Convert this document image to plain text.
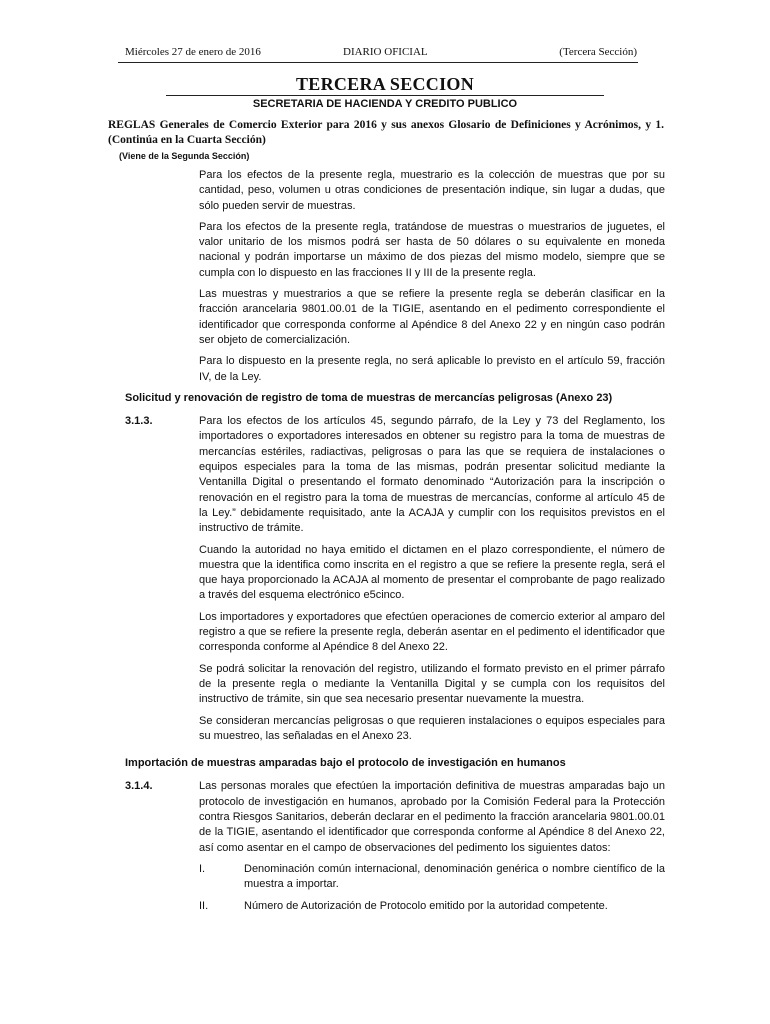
Miércoles 27 de enero de 2016	DIARIO OFICIAL	(Tercera Sección)
TERCERA SECCION
SECRETARIA DE HACIENDA Y CREDITO PUBLICO
REGLAS Generales de Comercio Exterior para 2016 y sus anexos Glosario de Definiciones y Acrónimos, y 1. (Continúa en la Cuarta Sección)
(Viene de la Segunda Sección)

Para los efectos de la presente regla, muestrario es la colección de muestras que por su cantidad, peso, volumen u otras condiciones de presentación indique, sin lugar a dudas, que sólo pueden servir de muestras.

Para los efectos de la presente regla, tratándose de muestras o muestrarios de juguetes, el valor unitario de los mismos podrá ser hasta de 50 dólares o su equivalente en moneda nacional y podrán importarse un máximo de dos piezas del mismo modelo, siempre que se cumpla con lo dispuesto en las fracciones II y III de la presente regla.

Las muestras y muestrarios a que se refiere la presente regla se deberán clasificar en la fracción arancelaria 9801.00.01 de la TIGIE, asentando en el pedimento correspondiente el identificador que corresponda conforme al Apéndice 8 del Anexo 22 y en ningún caso podrán ser objeto de comercialización.

Para lo dispuesto en la presente regla, no será aplicable lo previsto en el artículo 59, fracción IV, de la Ley.

Solicitud y renovación de registro de toma de muestras de mercancías peligrosas (Anexo 23)
3.1.3.	Para los efectos de los artículos 45, segundo párrafo, de la Ley y 73 del Reglamento, los importadores o exportadores interesados en obtener su registro para la toma de muestras de mercancías estériles, radiactivas, peligrosas o para las que se requiera de instalaciones o equipos especiales para la toma de las mismas, podrán presentar solicitud mediante la Ventanilla Digital o presentando el formato denominado “Autorización para la inscripción o renovación en el registro para la toma de muestras de mercancías, conforme al artículo 45 de la Ley.” debidamente requisitado, ante la ACAJA y cumplir con los requisitos previstos en el instructivo de trámite.

Cuando la autoridad no haya emitido el dictamen en el plazo correspondiente, el número de muestra que la identifica como inscrita en el registro a que se refiere la presente regla, será el que haya proporcionado la ACAJA al momento de presentar el comprobante de pago realizado a través del esquema electrónico e5cinco.

Los importadores y exportadores que efectúen operaciones de comercio exterior al amparo del registro a que se refiere la presente regla, deberán asentar en el pedimento el identificador que corresponda conforme al Apéndice 8 del Anexo 22.

Se podrá solicitar la renovación del registro, utilizando el formato previsto en el primer párrafo de la presente regla o mediante la Ventanilla Digital y se cumpla con los requisitos del instructivo de trámite, sin que sea necesario presentar nuevamente la muestra.

Se consideran mercancías peligrosas o que requieren instalaciones o equipos especiales para su muestreo, las señaladas en el Anexo 23.

Importación de muestras amparadas bajo el protocolo de investigación en humanos
3.1.4.	Las personas morales que efectúen la importación definitiva de muestras amparadas bajo un protocolo de investigación en humanos, aprobado por la Comisión Federal para la Protección contra Riesgos Sanitarios, deberán declarar en el pedimento la fracción arancelaria 9801.00.01 de la TIGIE, asentando el identificador que corresponda conforme al Apéndice 8 del Anexo 22, así como asentar en el campo de observaciones del pedimento los siguientes datos:

I.	Denominación común internacional, denominación genérica o nombre científico de la muestra a importar.
II.	Número de Autorización de Protocolo emitido por la autoridad competente.
